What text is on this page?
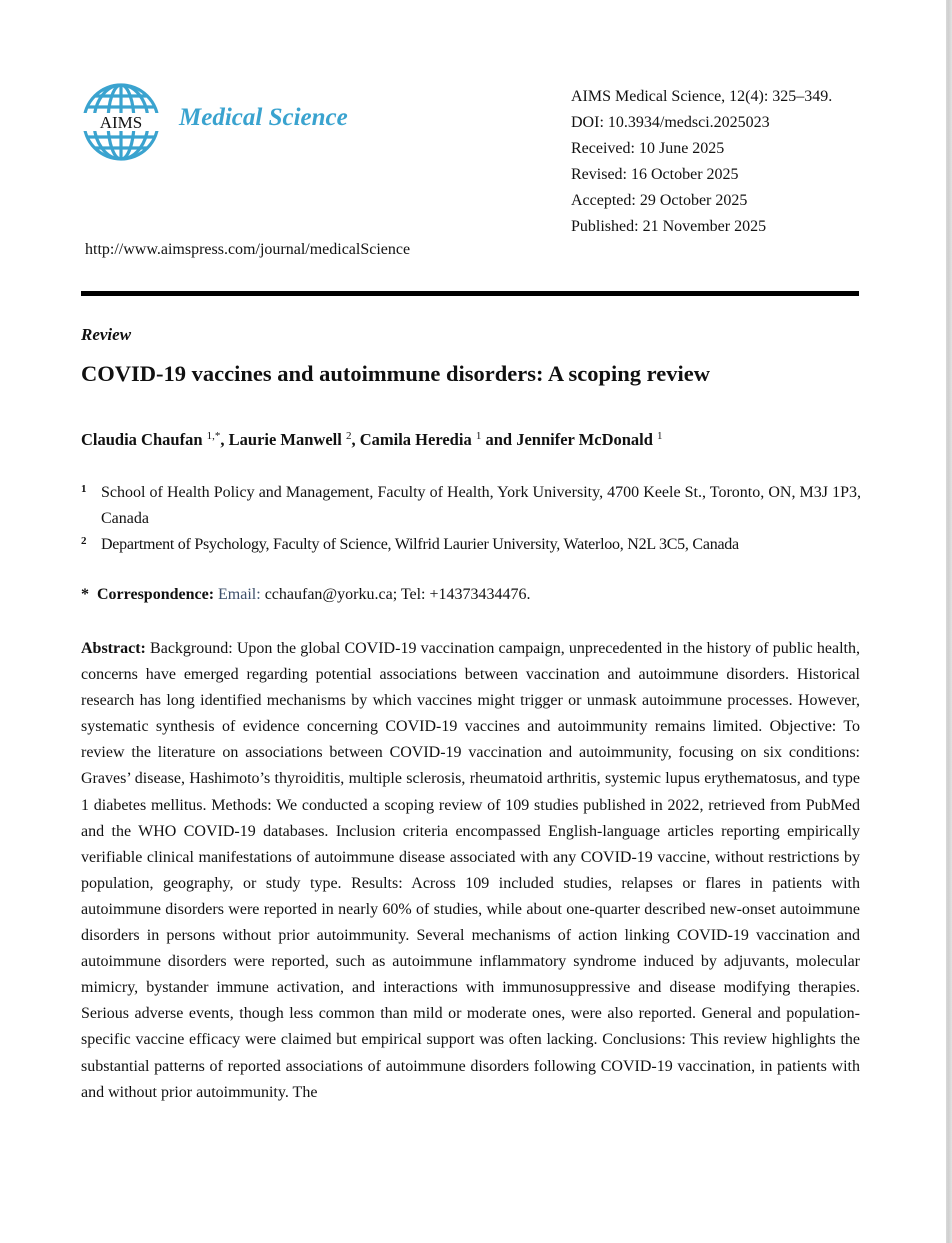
AIMS Medical Science
AIMS Medical Science, 12(4): 325–349.
DOI: 10.3934/medsci.2025023
Received: 10 June 2025
Revised: 16 October 2025
Accepted: 29 October 2025
Published: 21 November 2025
http://www.aimspress.com/journal/medicalScience
Review
COVID-19 vaccines and autoimmune disorders: A scoping review
Claudia Chaufan $^{1,*}$, Laurie Manwell $^2$, Camila Heredia $^1$ and Jennifer McDonald $^1$
1 School of Health Policy and Management, Faculty of Health, York University, 4700 Keele St., Toronto, ON, M3J 1P3, Canada
2 Department of Psychology, Faculty of Science, Wilfrid Laurier University, Waterloo, N2L 3C5, Canada
* Correspondence: Email: cchaufan@yorku.ca; Tel: +14373434476.
Abstract: Background: Upon the global COVID-19 vaccination campaign, unprecedented in the history of public health, concerns have emerged regarding potential associations between vaccination and autoimmune disorders. Historical research has long identified mechanisms by which vaccines might trigger or unmask autoimmune processes. However, systematic synthesis of evidence concerning COVID-19 vaccines and autoimmunity remains limited. Objective: To review the literature on associations between COVID-19 vaccination and autoimmunity, focusing on six conditions: Graves’ disease, Hashimoto’s thyroiditis, multiple sclerosis, rheumatoid arthritis, systemic lupus erythematosus, and type 1 diabetes mellitus. Methods: We conducted a scoping review of 109 studies published in 2022, retrieved from PubMed and the WHO COVID-19 databases. Inclusion criteria encompassed English-language articles reporting empirically verifiable clinical manifestations of autoimmune disease associated with any COVID-19 vaccine, without restrictions by population, geography, or study type. Results: Across 109 included studies, relapses or flares in patients with autoimmune disorders were reported in nearly 60% of studies, while about one-quarter described new-onset autoimmune disorders in persons without prior autoimmunity. Several mechanisms of action linking COVID-19 vaccination and autoimmune disorders were reported, such as autoimmune inflammatory syndrome induced by adjuvants, molecular mimicry, bystander immune activation, and interactions with immunosuppressive and disease modifying therapies. Serious adverse events, though less common than mild or moderate ones, were also reported. General and population-specific vaccine efficacy were claimed but empirical support was often lacking. Conclusions: This review highlights the substantial patterns of reported associations of autoimmune disorders following COVID-19 vaccination, in patients with and without prior autoimmunity. The
